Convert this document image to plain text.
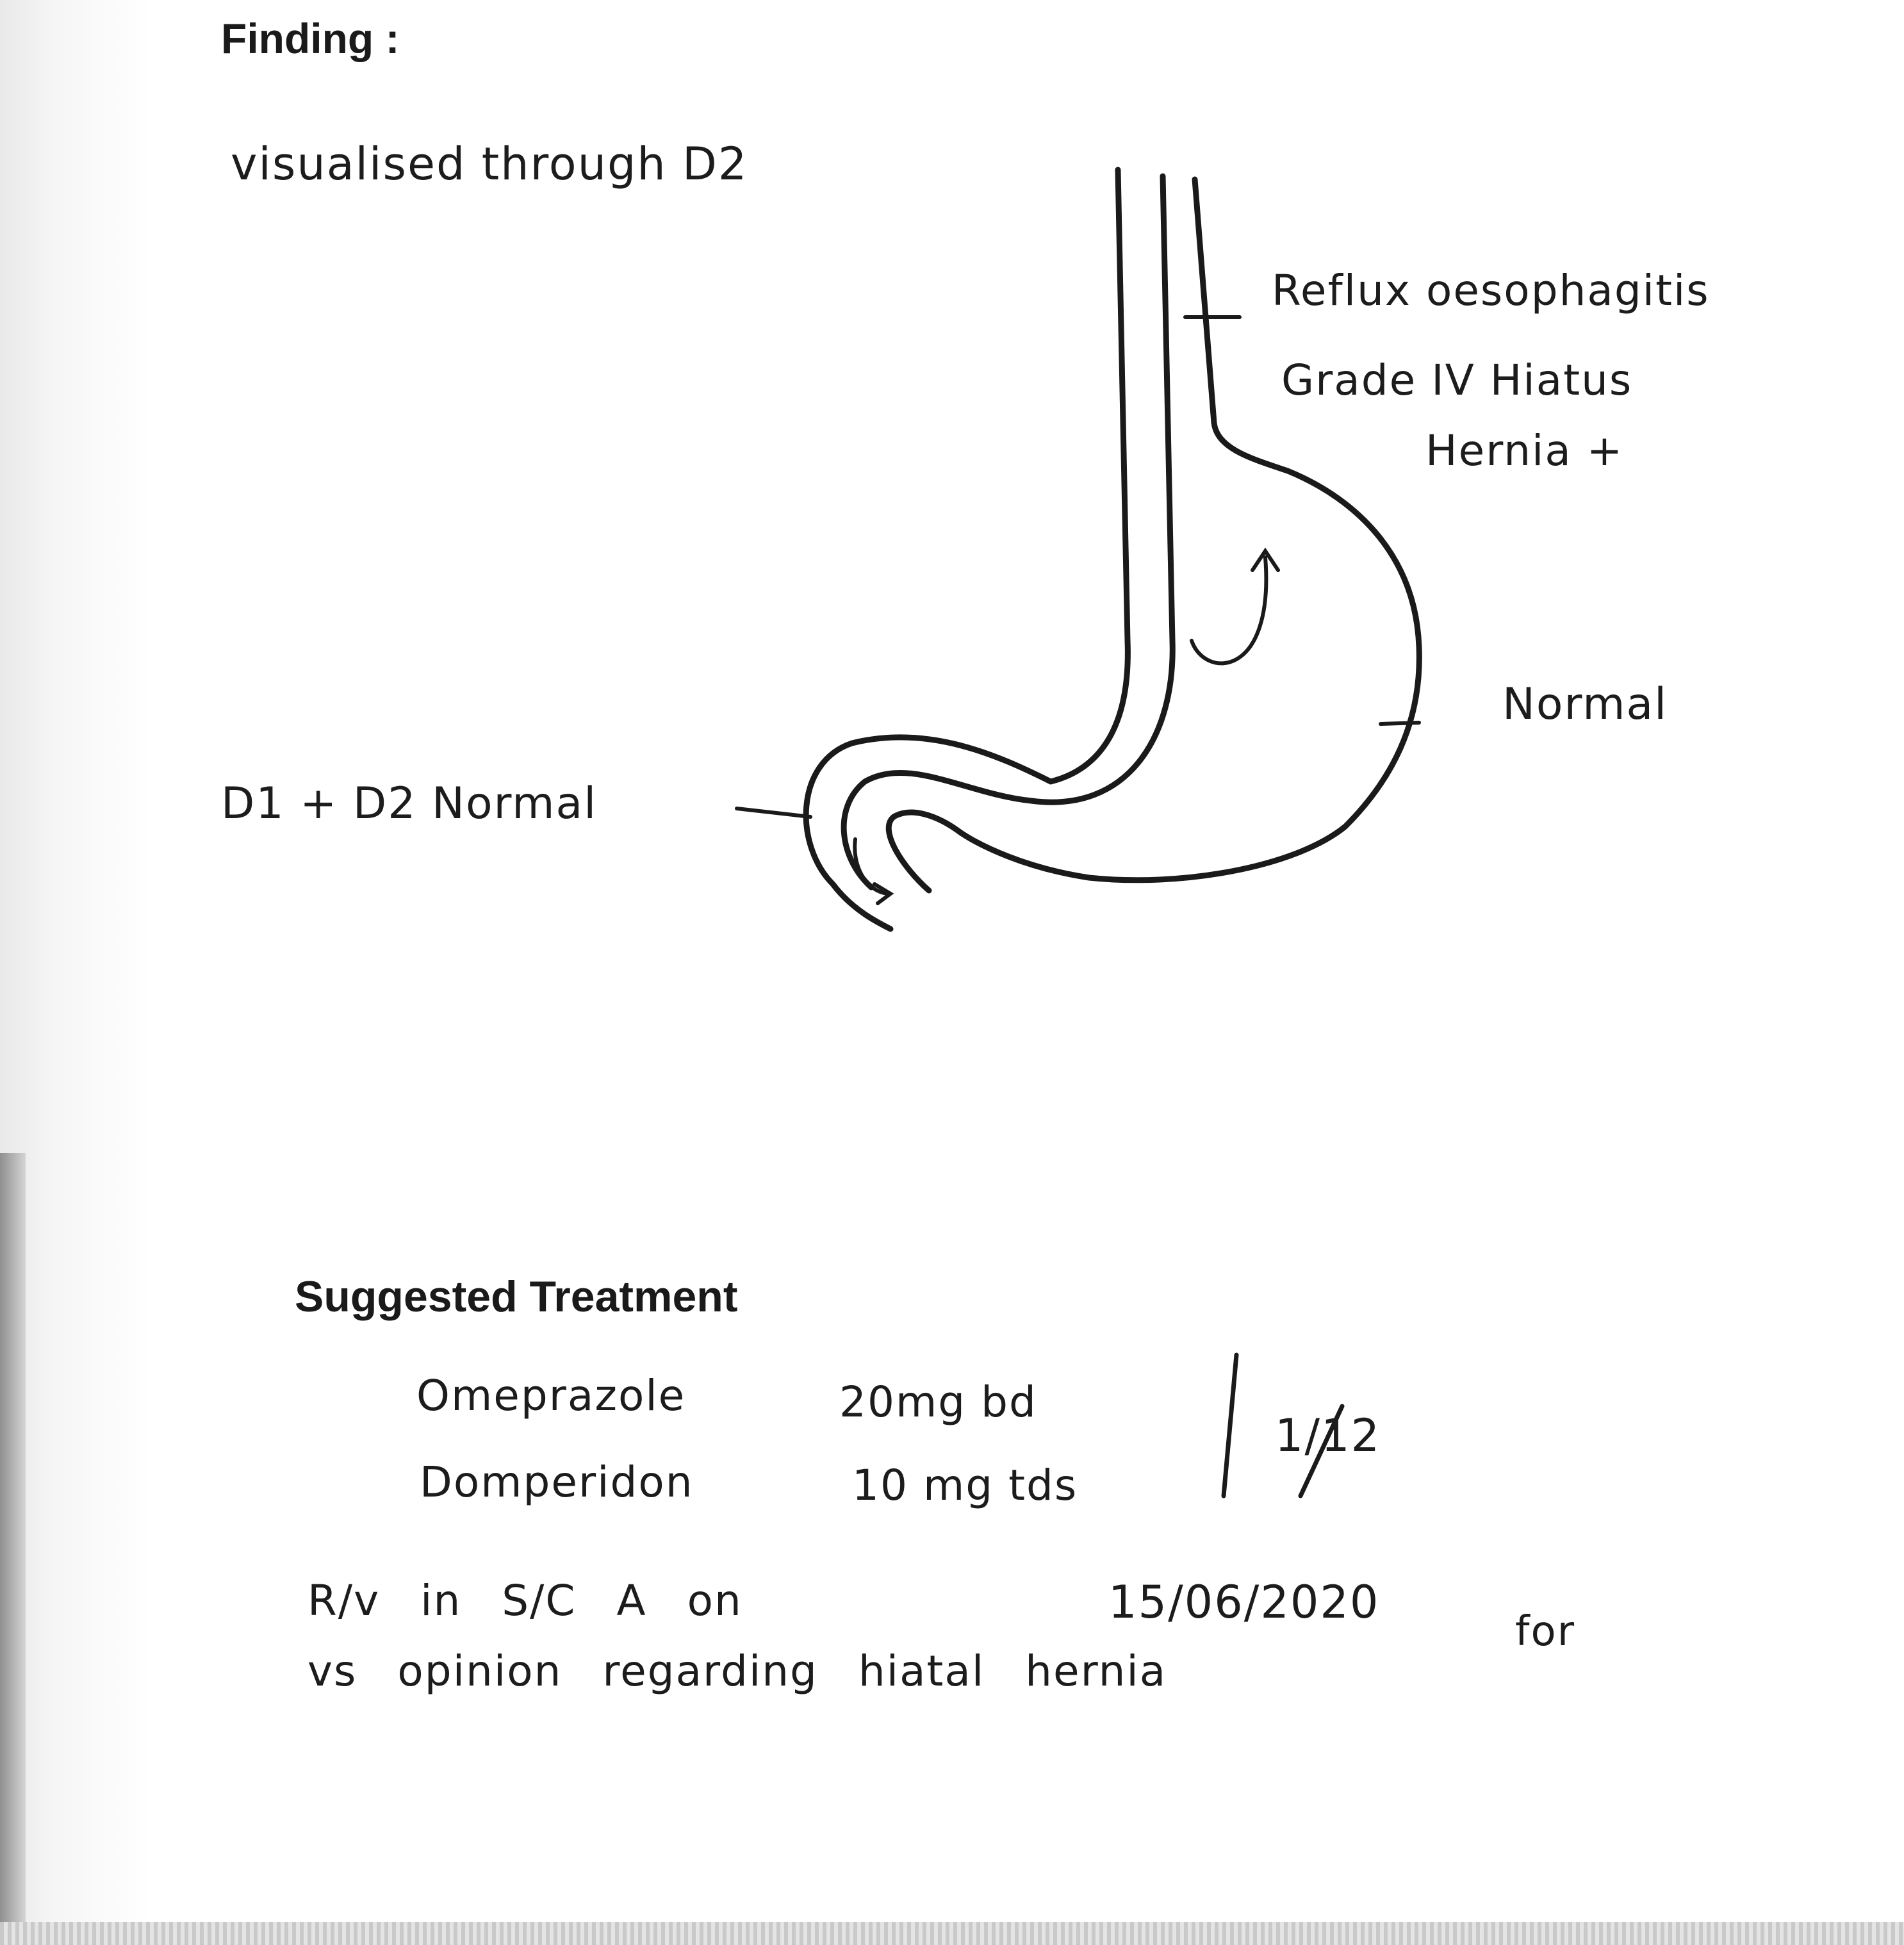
Finding :
visualised through D2
Reflux oesophagitis
Grade IV Hiatus
Hernia +
Normal
D1 + D2 Normal
Suggested Treatment
Omeprazole	20mg bd
Domperidon	10 mg tds
1/12
R/v in S/C A on	15/06/2020
for
vs opinion regarding hiatal hernia
